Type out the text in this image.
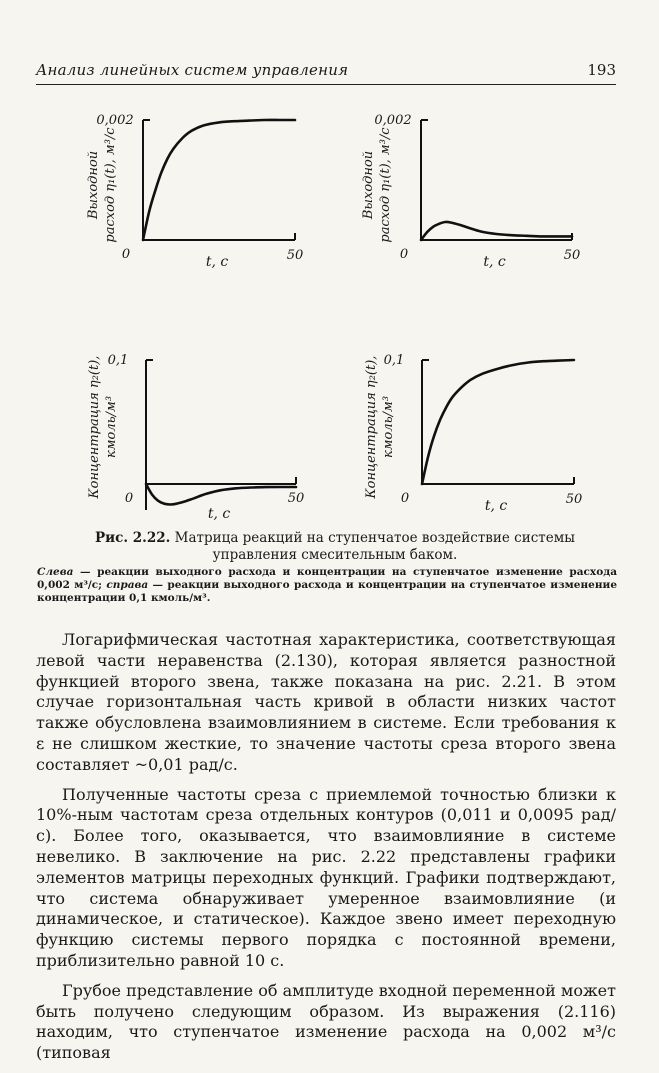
Анализ линейных систем управления	193
0,002
0	50
t, c
Выходной расход η₁(t), м³/с
0,002
0	50
t, c
Выходной расход η₁(t), м³/с
0,1
0	50
t, c
Концентрация η₂(t), кмоль/м³
0,1
0	50
t, c
Концентрация η₂(t), кмоль/м³
Рис. 2.22. Матрица реакций на ступенчатое воздействие системы управления смесительным баком.
Слева — реакции выходного расхода и концентрации на ступенчатое изменение расхода 0,002 м³/с; справа — реакции выходного расхода и концентрации на ступенчатое изменение концентрации 0,1 кмоль/м³.

Логарифмическая частотная характеристика, соответствующая левой части неравенства (2.130), которая является разностной функцией второго звена, также показана на рис. 2.21. В этом случае горизонтальная часть кривой в области низких частот также обусловлена взаимовлиянием в системе. Если требования к ε не слишком жесткие, то значение частоты среза второго звена составляет ~0,01 рад/с.

Полученные частоты среза с приемлемой точностью близки к 10%-ным частотам среза отдельных контуров (0,011 и 0,0095 рад/с). Более того, оказывается, что взаимовлияние в системе невелико. В заключение на рис. 2.22 представлены графики элементов матрицы переходных функций. Графики подтверждают, что система обнаруживает умеренное взаимовлияние (и динамическое, и статическое). Каждое звено имеет переходную функцию системы первого порядка с постоянной времени, приблизительно равной 10 с.

Грубое представление об амплитуде входной переменной может быть получено следующим образом. Из выражения (2.116) находим, что ступенчатое изменение расхода на 0,002 м³/с (типовая
